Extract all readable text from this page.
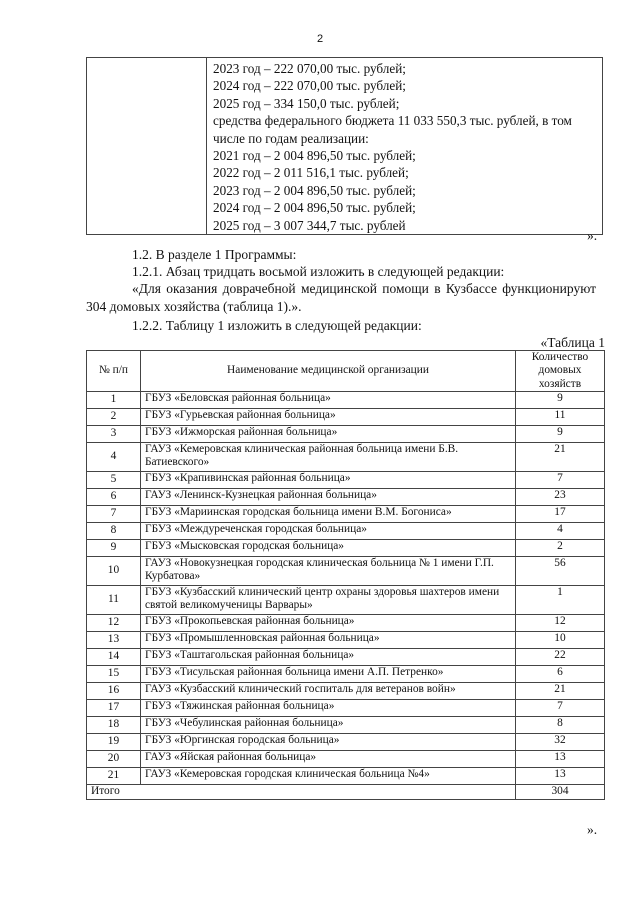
2

2023 год – 222 070,00 тыс. рублей;
2024 год – 222 070,00 тыс. рублей;
2025 год – 334 150,0 тыс. рублей;
средства федерального бюджета 11 033 550,3 тыс. рублей, в том числе по годам реализации:
2021 год – 2 004 896,50 тыс. рублей;
2022 год – 2 011 516,1 тыс. рублей;
2023 год – 2 004 896,50 тыс. рублей;
2024 год – 2 004 896,50 тыс. рублей;
2025 год – 3 007 344,7 тыс. рублей
».

1.2. В разделе 1 Программы:

1.2.1. Абзац тридцать восьмой изложить в следующей редакции:

«Для оказания доврачебной медицинской помощи в Кузбассе функционируют 304 домовых хозяйства (таблица 1).».

1.2.2. Таблицу 1 изложить в следующей редакции:

«Таблица 1
№ п/п	Наименование медицинской организации	Количество домовых хозяйств
1	ГБУЗ «Беловская районная больница»	9
2	ГБУЗ «Гурьевская районная больница»	11
3	ГБУЗ «Ижморская районная больница»	9
4	ГАУЗ «Кемеровская клиническая районная больница имени Б.В. Батиевского»	21
5	ГБУЗ «Крапивинская районная больница»	7
6	ГАУЗ «Ленинск-Кузнецкая районная больница»	23
7	ГБУЗ «Мариинская городская больница имени В.М. Богониса»	17
8	ГБУЗ «Междуреченская городская больница»	4
9	ГБУЗ «Мысковская городская больница»	2
10	ГАУЗ «Новокузнецкая городская клиническая больница № 1 имени Г.П. Курбатова»	56
11	ГБУЗ «Кузбасский клинический центр охраны здоровья шахтеров имени святой великомученицы Варвары»	1
12	ГБУЗ «Прокопьевская районная больница»	12
13	ГБУЗ «Промышленновская районная больница»	10
14	ГБУЗ «Таштагольская районная больница»	22
15	ГБУЗ «Тисульская районная больница имени А.П. Петренко»	6
16	ГАУЗ «Кузбасский клинический госпиталь для ветеранов войн»	21
17	ГБУЗ «Тяжинская районная больница»	7
18	ГБУЗ «Чебулинская районная больница»	8
19	ГБУЗ «Юргинская городская больница»	32
20	ГАУЗ «Яйская районная больница»	13
21	ГАУЗ «Кемеровская городская клиническая больница №4»	13
Итого		304
».
